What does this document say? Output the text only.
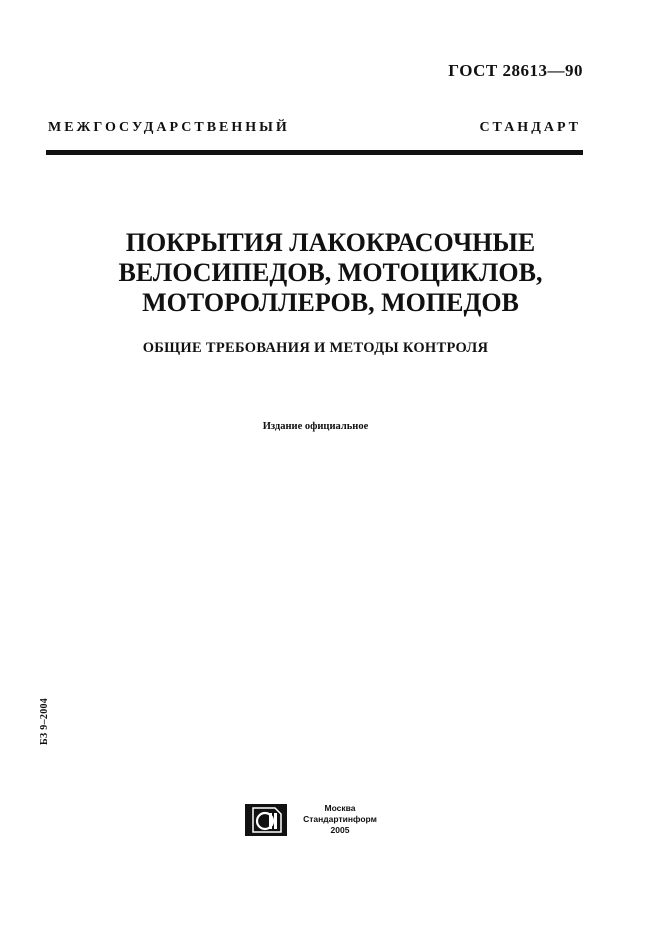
ГОСТ 28613—90
МЕЖГОСУДАРСТВЕННЫЙ СТАНДАРТ
ПОКРЫТИЯ ЛАКОКРАСОЧНЫЕ
ВЕЛОСИПЕДОВ, МОТОЦИКЛОВ,
МОТОРОЛЛЕРОВ, МОПЕДОВ
ОБЩИЕ ТРЕБОВАНИЯ И МЕТОДЫ КОНТРОЛЯ
Издание официальное
БЗ 9–2004
Москва
Стандартинформ
2005
